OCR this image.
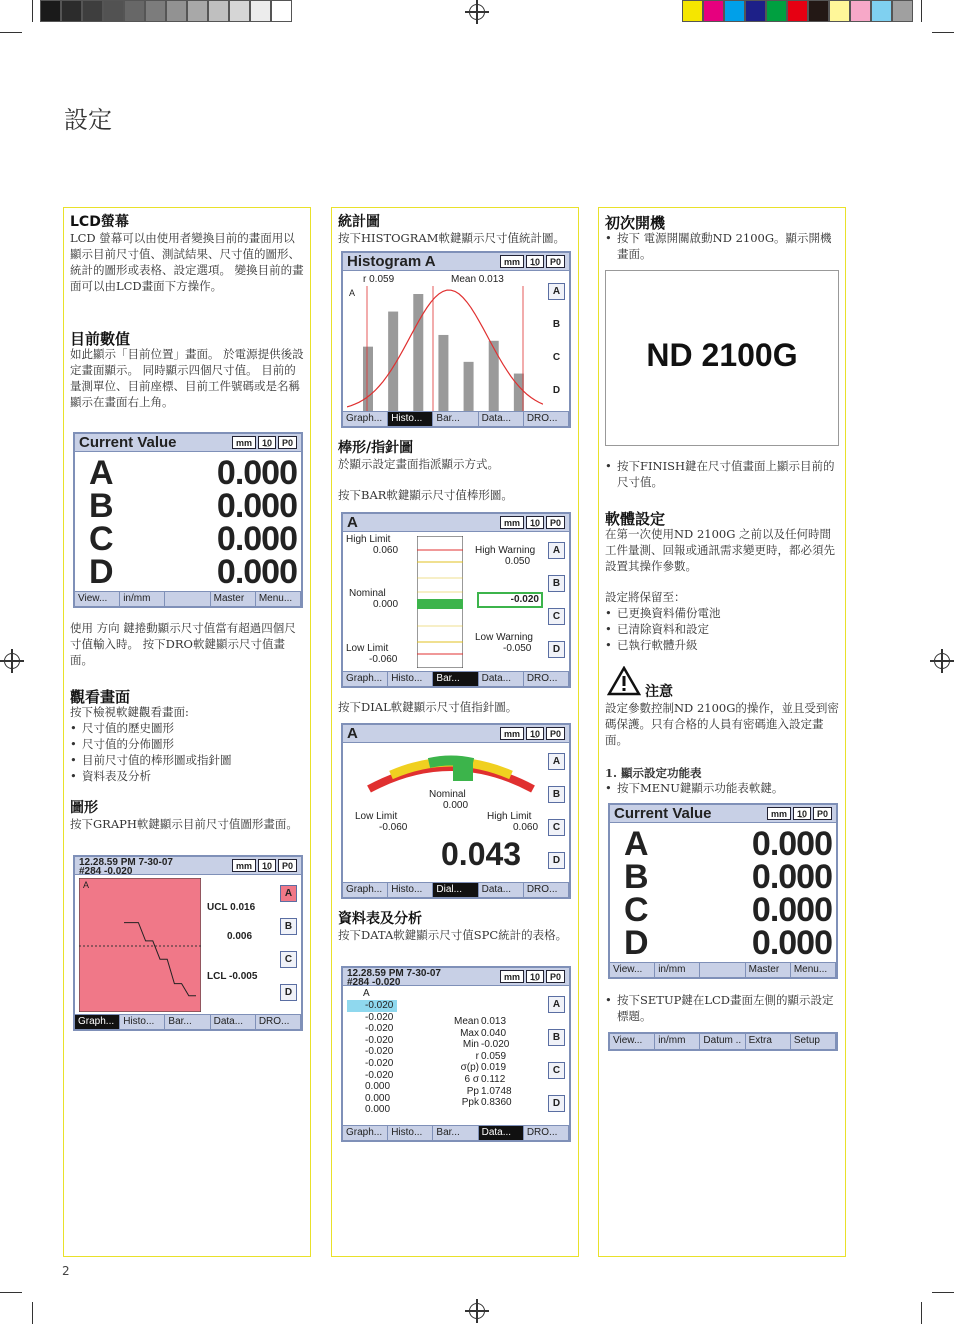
設定
2
LCD螢幕
LCD 螢幕可以由使用者變換目前的畫面用以顯示目前尺寸值、測試結果、尺寸值的圖形、統計的圖形或表格、設定選項。 變換目前的畫面可以由LCD畫面下方操作。
目前數值
如此顯示「目前位置」畫面。 於電源提供後設定畫面顯示。 同時顯示四個尺寸值。 目前的量測單位、目前座標、目前工件號碼或是名稱顯示在畫面右上角。
Current Value	mm	1̲0	P0
A	0.000
B	0.000
C	0.000
D	0.000
View...	in/mm	Master	Menu...
使用 方向 鍵捲動顯示尺寸值當有超過四個尺寸值輸入時。 按下DRO軟鍵顯示尺寸值畫面。
觀看畫面
按下檢視軟鍵觀看畫面:
• 尺寸值的歷史圖形
• 尺寸值的分佈圖形
• 目前尺寸值的棒形圖或指針圖
• 資料表及分析
圖形
按下GRAPH軟鍵顯示目前尺寸值圖形畫面。
12.28.59 PM 7-30-07
#284 -0.020	mm	1̲0	P0
A
UCL 0.016
0.006
LCL -0.005
A
B
C
D
Graph... Histo...	Bar...	Data...	DRO...
統計圖
按下HISTOGRAM軟鍵顯示尺寸值統計圖。
Histogram A	mm	1̲0	P0
r 0.059	Mean 0.013
A	A
B
C
D
Graph... Histo...	Bar...	Data...	DRO...
棒形/指針圖
於顯示設定畫面指派顯示方式。
按下BAR軟鍵顯示尺寸值棒形圖。
A	mm	1̲0	P0
High Limit
0.060
Nominal
0.000
Low Limit
-0.060
High Warning
0.050
-0.020
Low Warning
-0.050
A
B
C
D
Graph... Histo...	Bar...	Data...	DRO...
按下DIAL軟鍵顯示尺寸值指針圖。
A	mm	1̲0	P0
Nominal
0.000
Low Limit
-0.060
High Limit
0.060
0.043
A
B
C
D
Graph... Histo...	Dial...	Data...	DRO...
資料表及分析
按下DATA軟鍵顯示尺寸值SPC統計的表格。
12.28.59 PM 7-30-07
#284 -0.020	mm	1̲0	P0
A
-0.020
-0.020
-0.020
-0.020
-0.020
-0.020
-0.020
0.000
0.000
0.000
Mean 0.013
Max 0.040
Min -0.020
r 0.059
σ(p) 0.019
6 σ 0.112
Pp 1.0748
Ppk 0.8360
A
B
C
D
Graph... Histo...	Bar...	Data...	DRO...
初次開機
• 按下 電源開關啟動ND 2100G。顯示開機畫面。
ND 2100G
• 按下FINISH鍵在尺寸值畫面上顯示目前的尺寸值。
軟體設定
在第一次使用ND 2100G 之前以及任何時間工件量測、回報或通訊需求變更時，都必須先設置其操作參數。
設定將保留至：
• 已更換資料備份電池
• 已清除資料和設定
• 已執行軟體升級
注意
設定參數控制ND 2100G的操作，並且受到密碼保護。只有合格的人員有密碼進入設定畫面。
1. 顯示設定功能表
• 按下MENU鍵顯示功能表軟鍵。
Current Value	mm	1̲0	P0
A	0.000
B	0.000
C	0.000
D	0.000
View...	in/mm	Master	Menu...
• 按下SETUP鍵在LCD畫面左側的顯示設定標題。
View...	in/mm	Datum .. Extra	Setup
